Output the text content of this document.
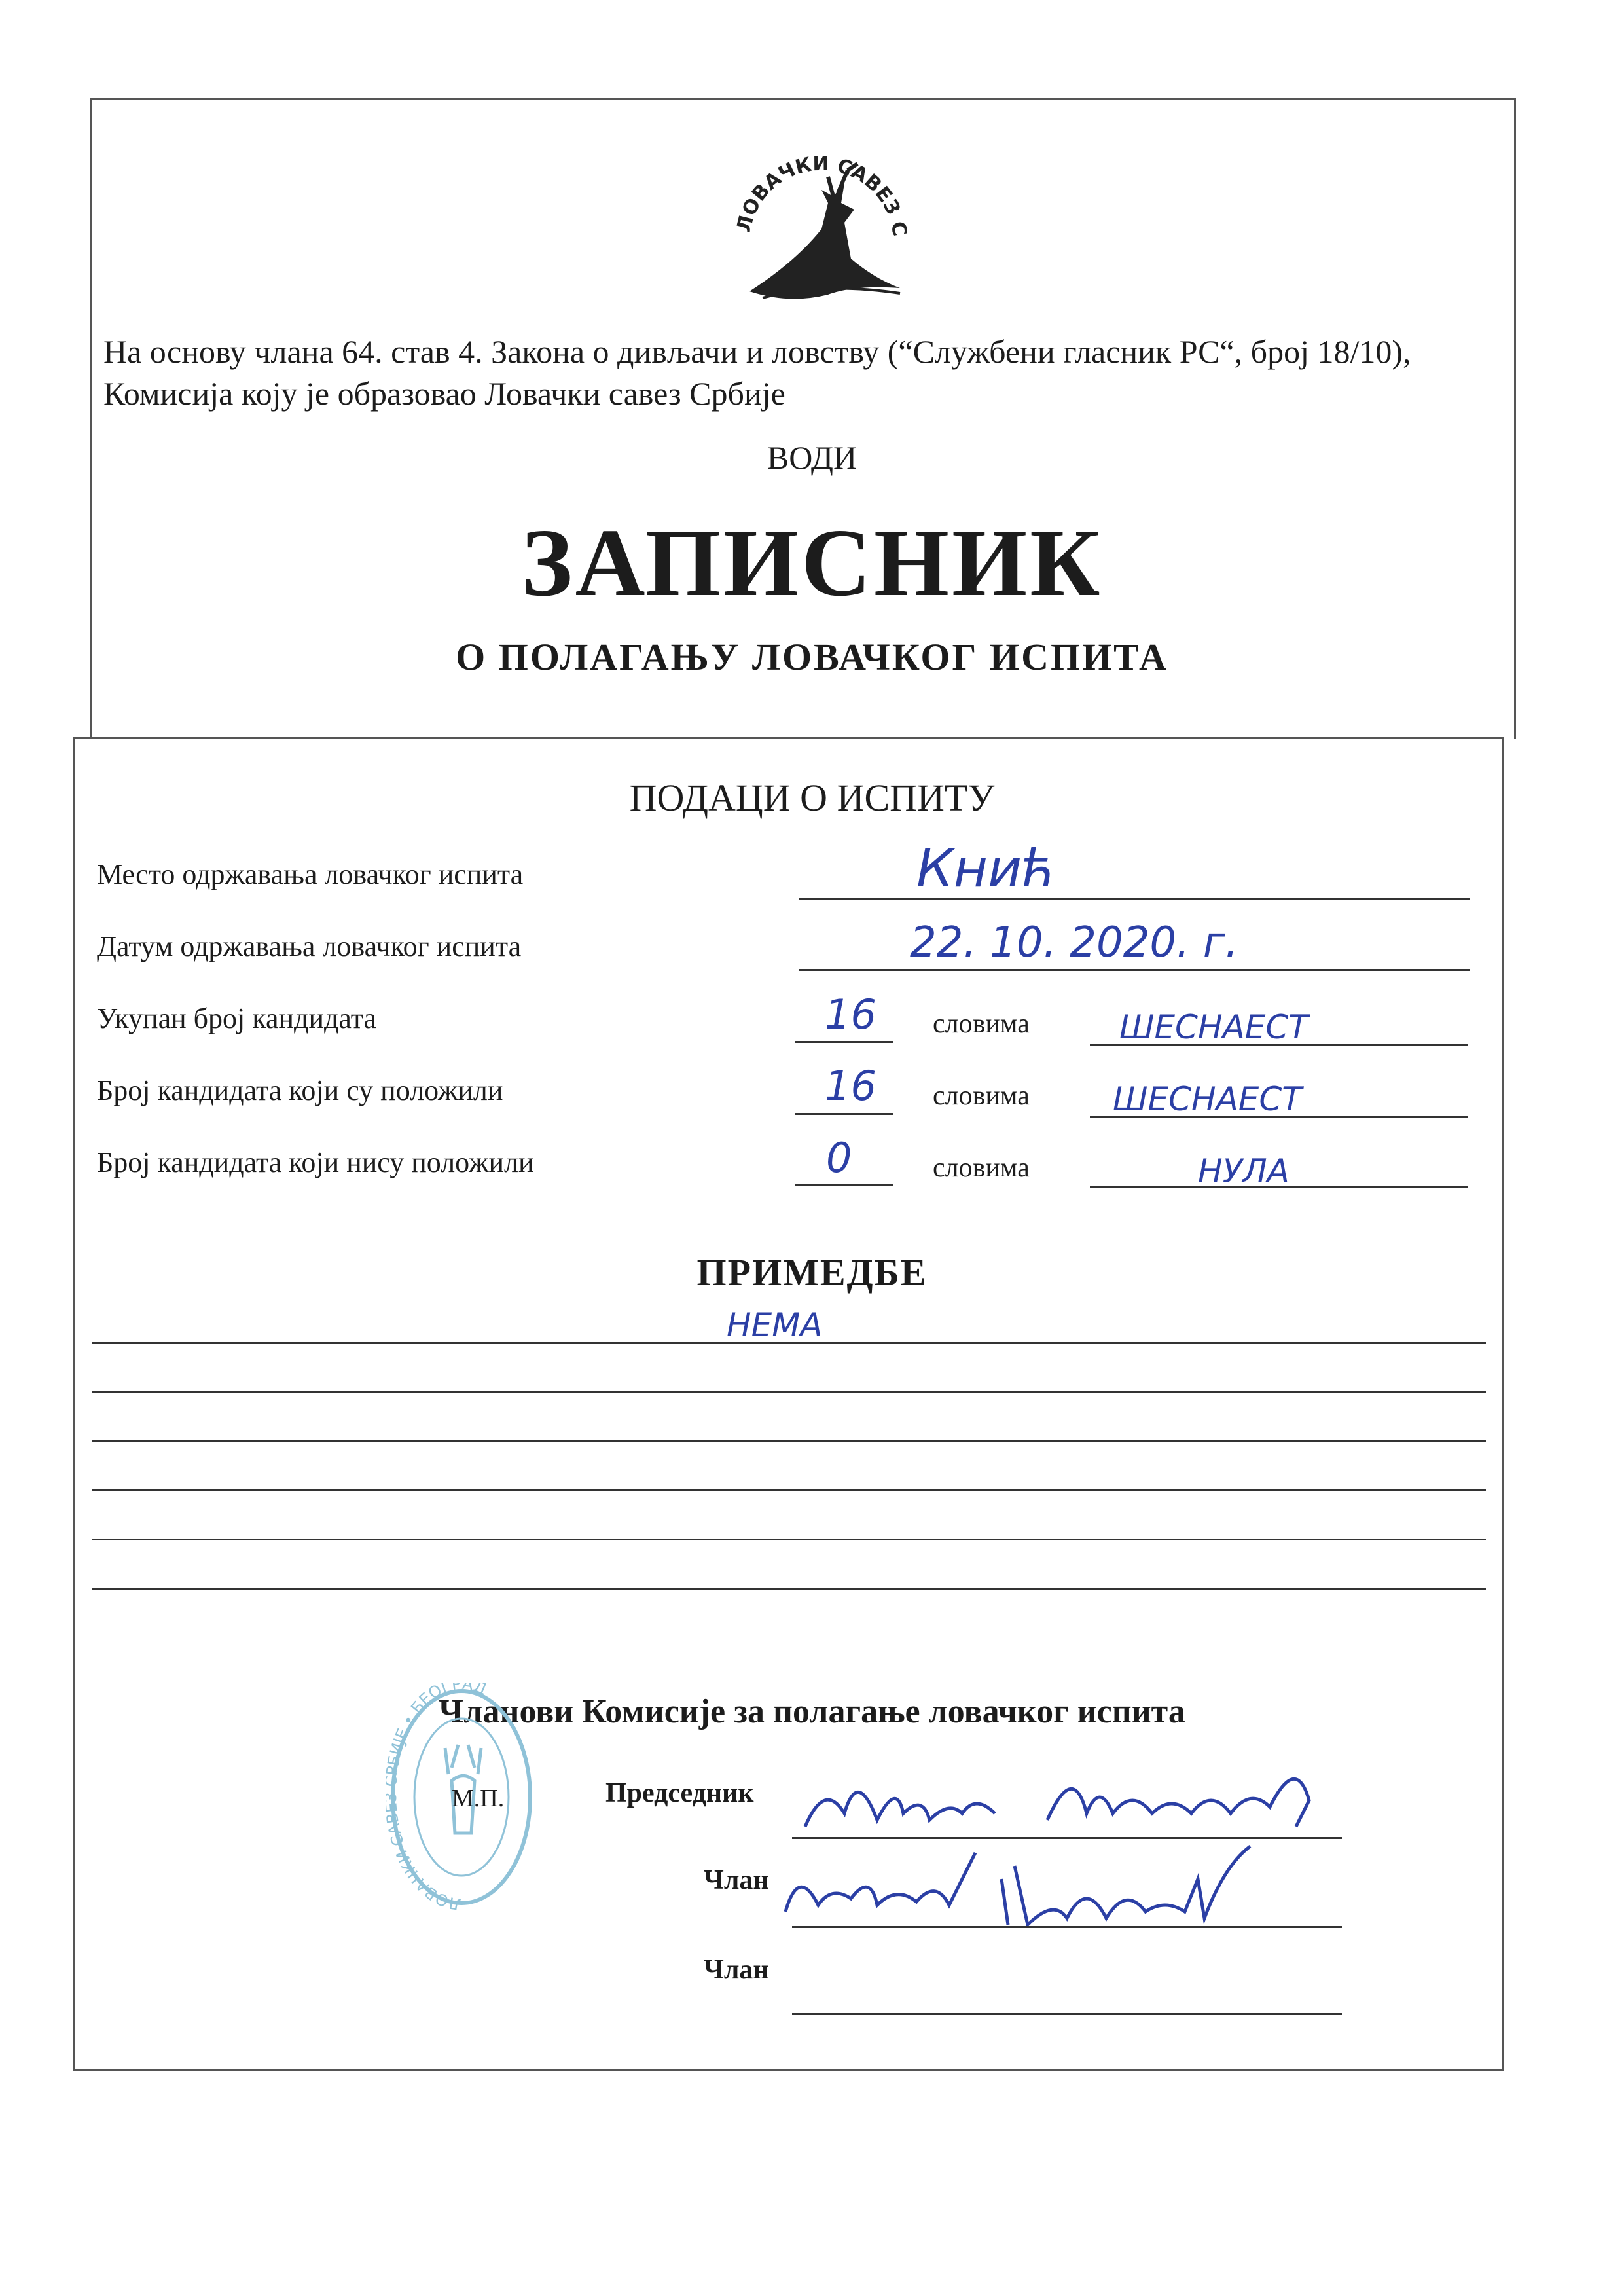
ЛОВАЧКИ САВЕЗ С
На основу члана 64. став 4. Закона о дивљачи и ловству (“Службени гласник РС“, број 18/10), Комисија коју је образовао Ловачки савез Србије
ВОДИ
ЗАПИСНИК
О ПОЛАГАЊУ ЛОВАЧКОГ ИСПИТА
ПОДАЦИ О ИСПИТУ
Место одржавања ловачког испита	Кнић
Датум одржавања ловачког испита	22. 10. 2020. г.
Укупан број кандидата	16 словима	ШЕСНАЕСТ
Број кандидата који су положили	16 словима	ШЕСНАЕСТ
Број кандидата који нису положили	0	словима	НУЛА
ПРИМЕДБЕ
НЕМА
Чланови Комисије за полагање ловачког испита
ЛОВАЧКИ СА ИЈЕ • БЕОГРАД
М.П.	Председник
Члан
Члан
